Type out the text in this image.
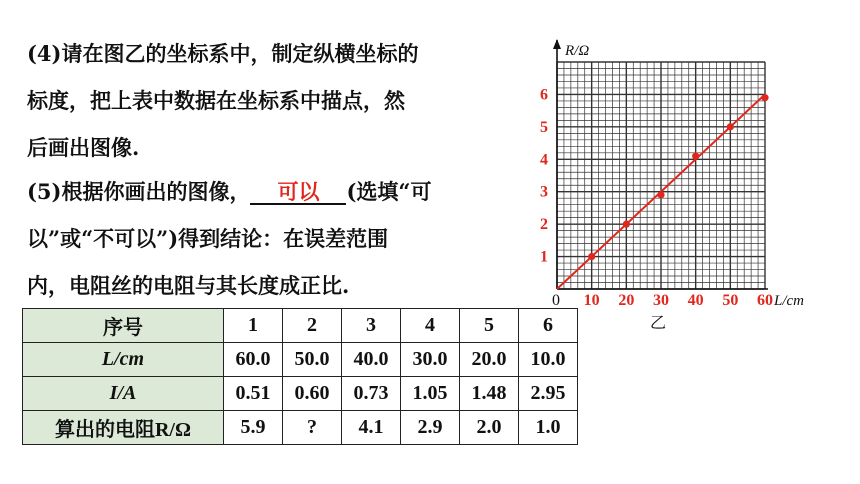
(4)请在图乙的坐标系中，制定纵横坐标的
标度，把上表中数据在坐标系中描点，然
后画出图像.
(5)根据你画出的图像， 可以 (选填“可
以”或“不可以”)得到结论：在误差范围
内，电阻丝的电阻与其长度成正比.
10 20 30 40 50 60
1
2
3
4
5
6
R/Ω
L/cm
0
乙
序号	1	2	3	4	5	6
L/cm	60.0	50.0	40.0	30.0	20.0	10.0
I/A	0.51	0.60	0.73	1.05	1.48	2.95
算出的电阻R/Ω	5.9	?	4.1	2.9	2.0	1.0
